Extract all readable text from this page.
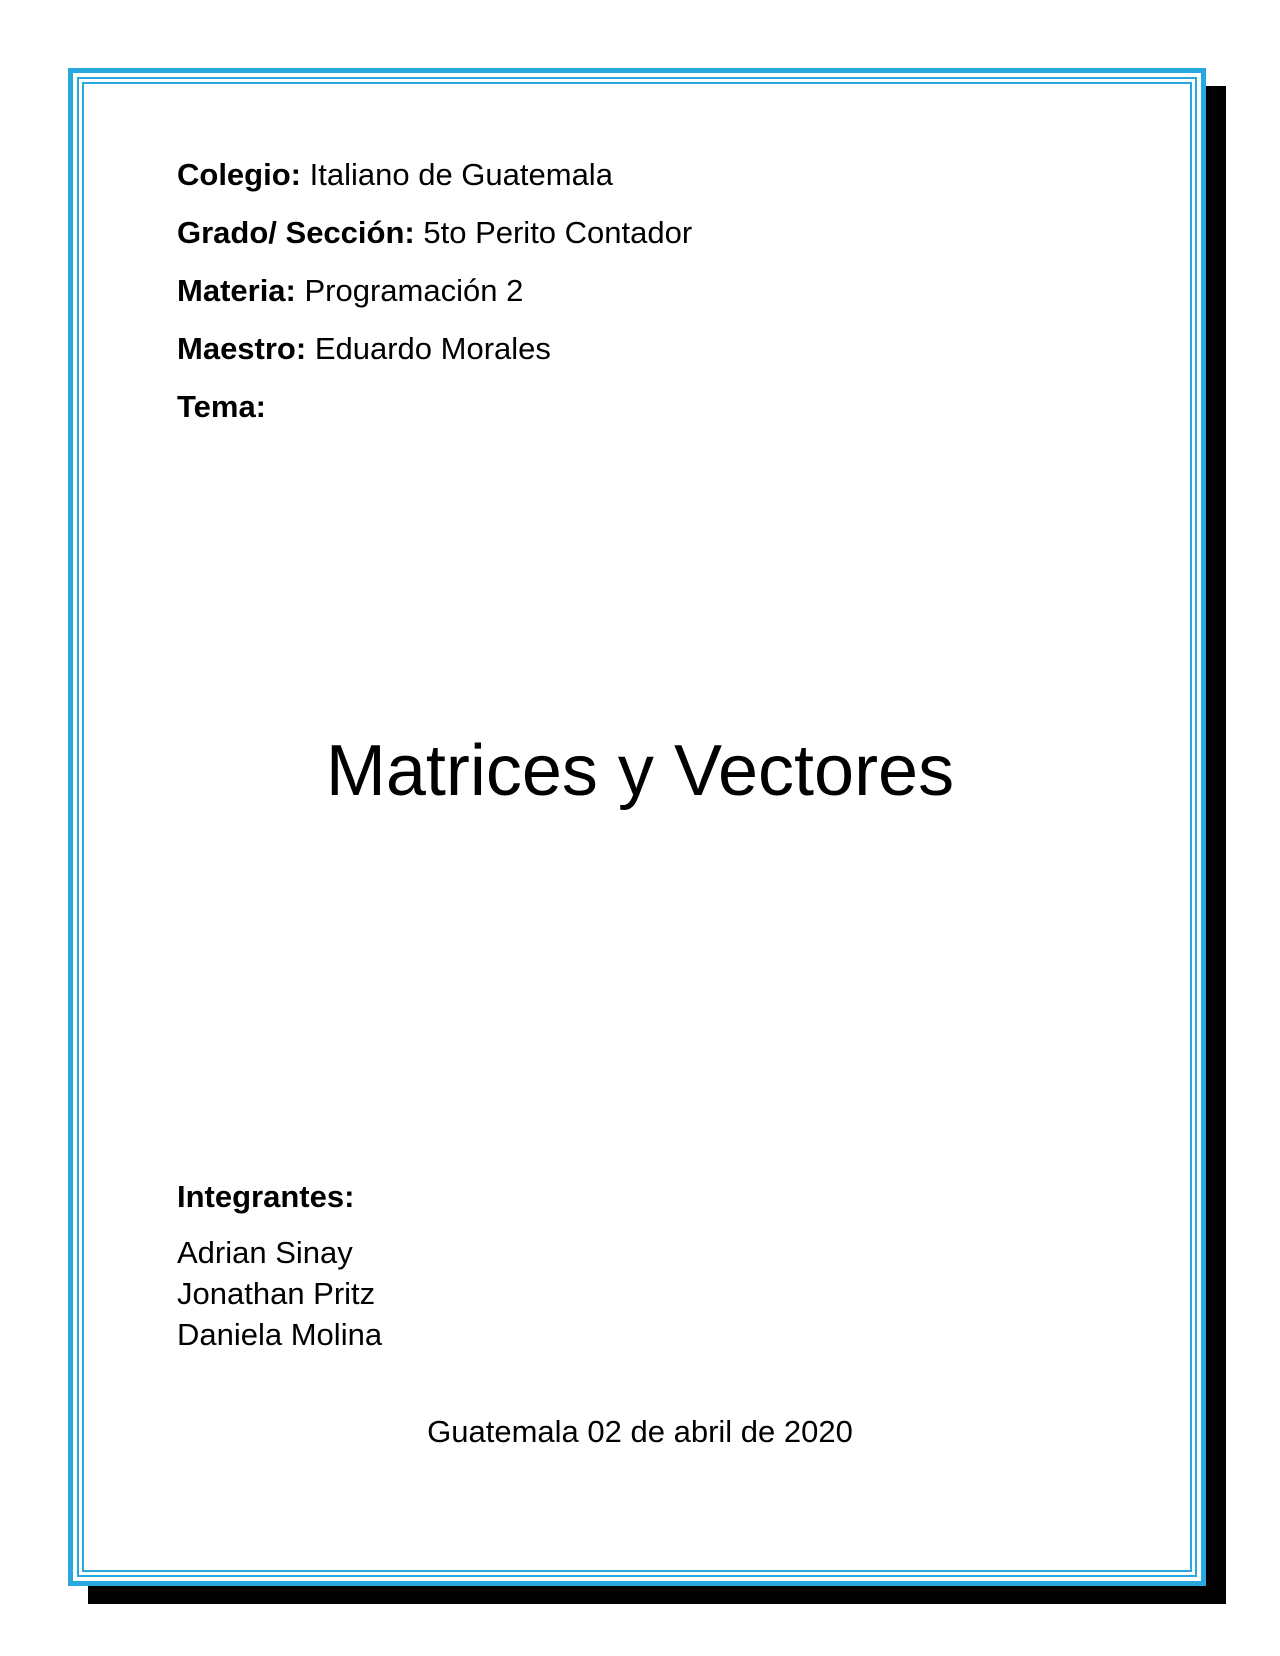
Colegio: Italiano de Guatemala
Grado/ Sección: 5to Perito Contador
Materia: Programación 2
Maestro: Eduardo Morales
Tema:
Matrices y Vectores
Integrantes:
Adrian Sinay
Jonathan Pritz
Daniela Molina
Guatemala 02 de abril de 2020
